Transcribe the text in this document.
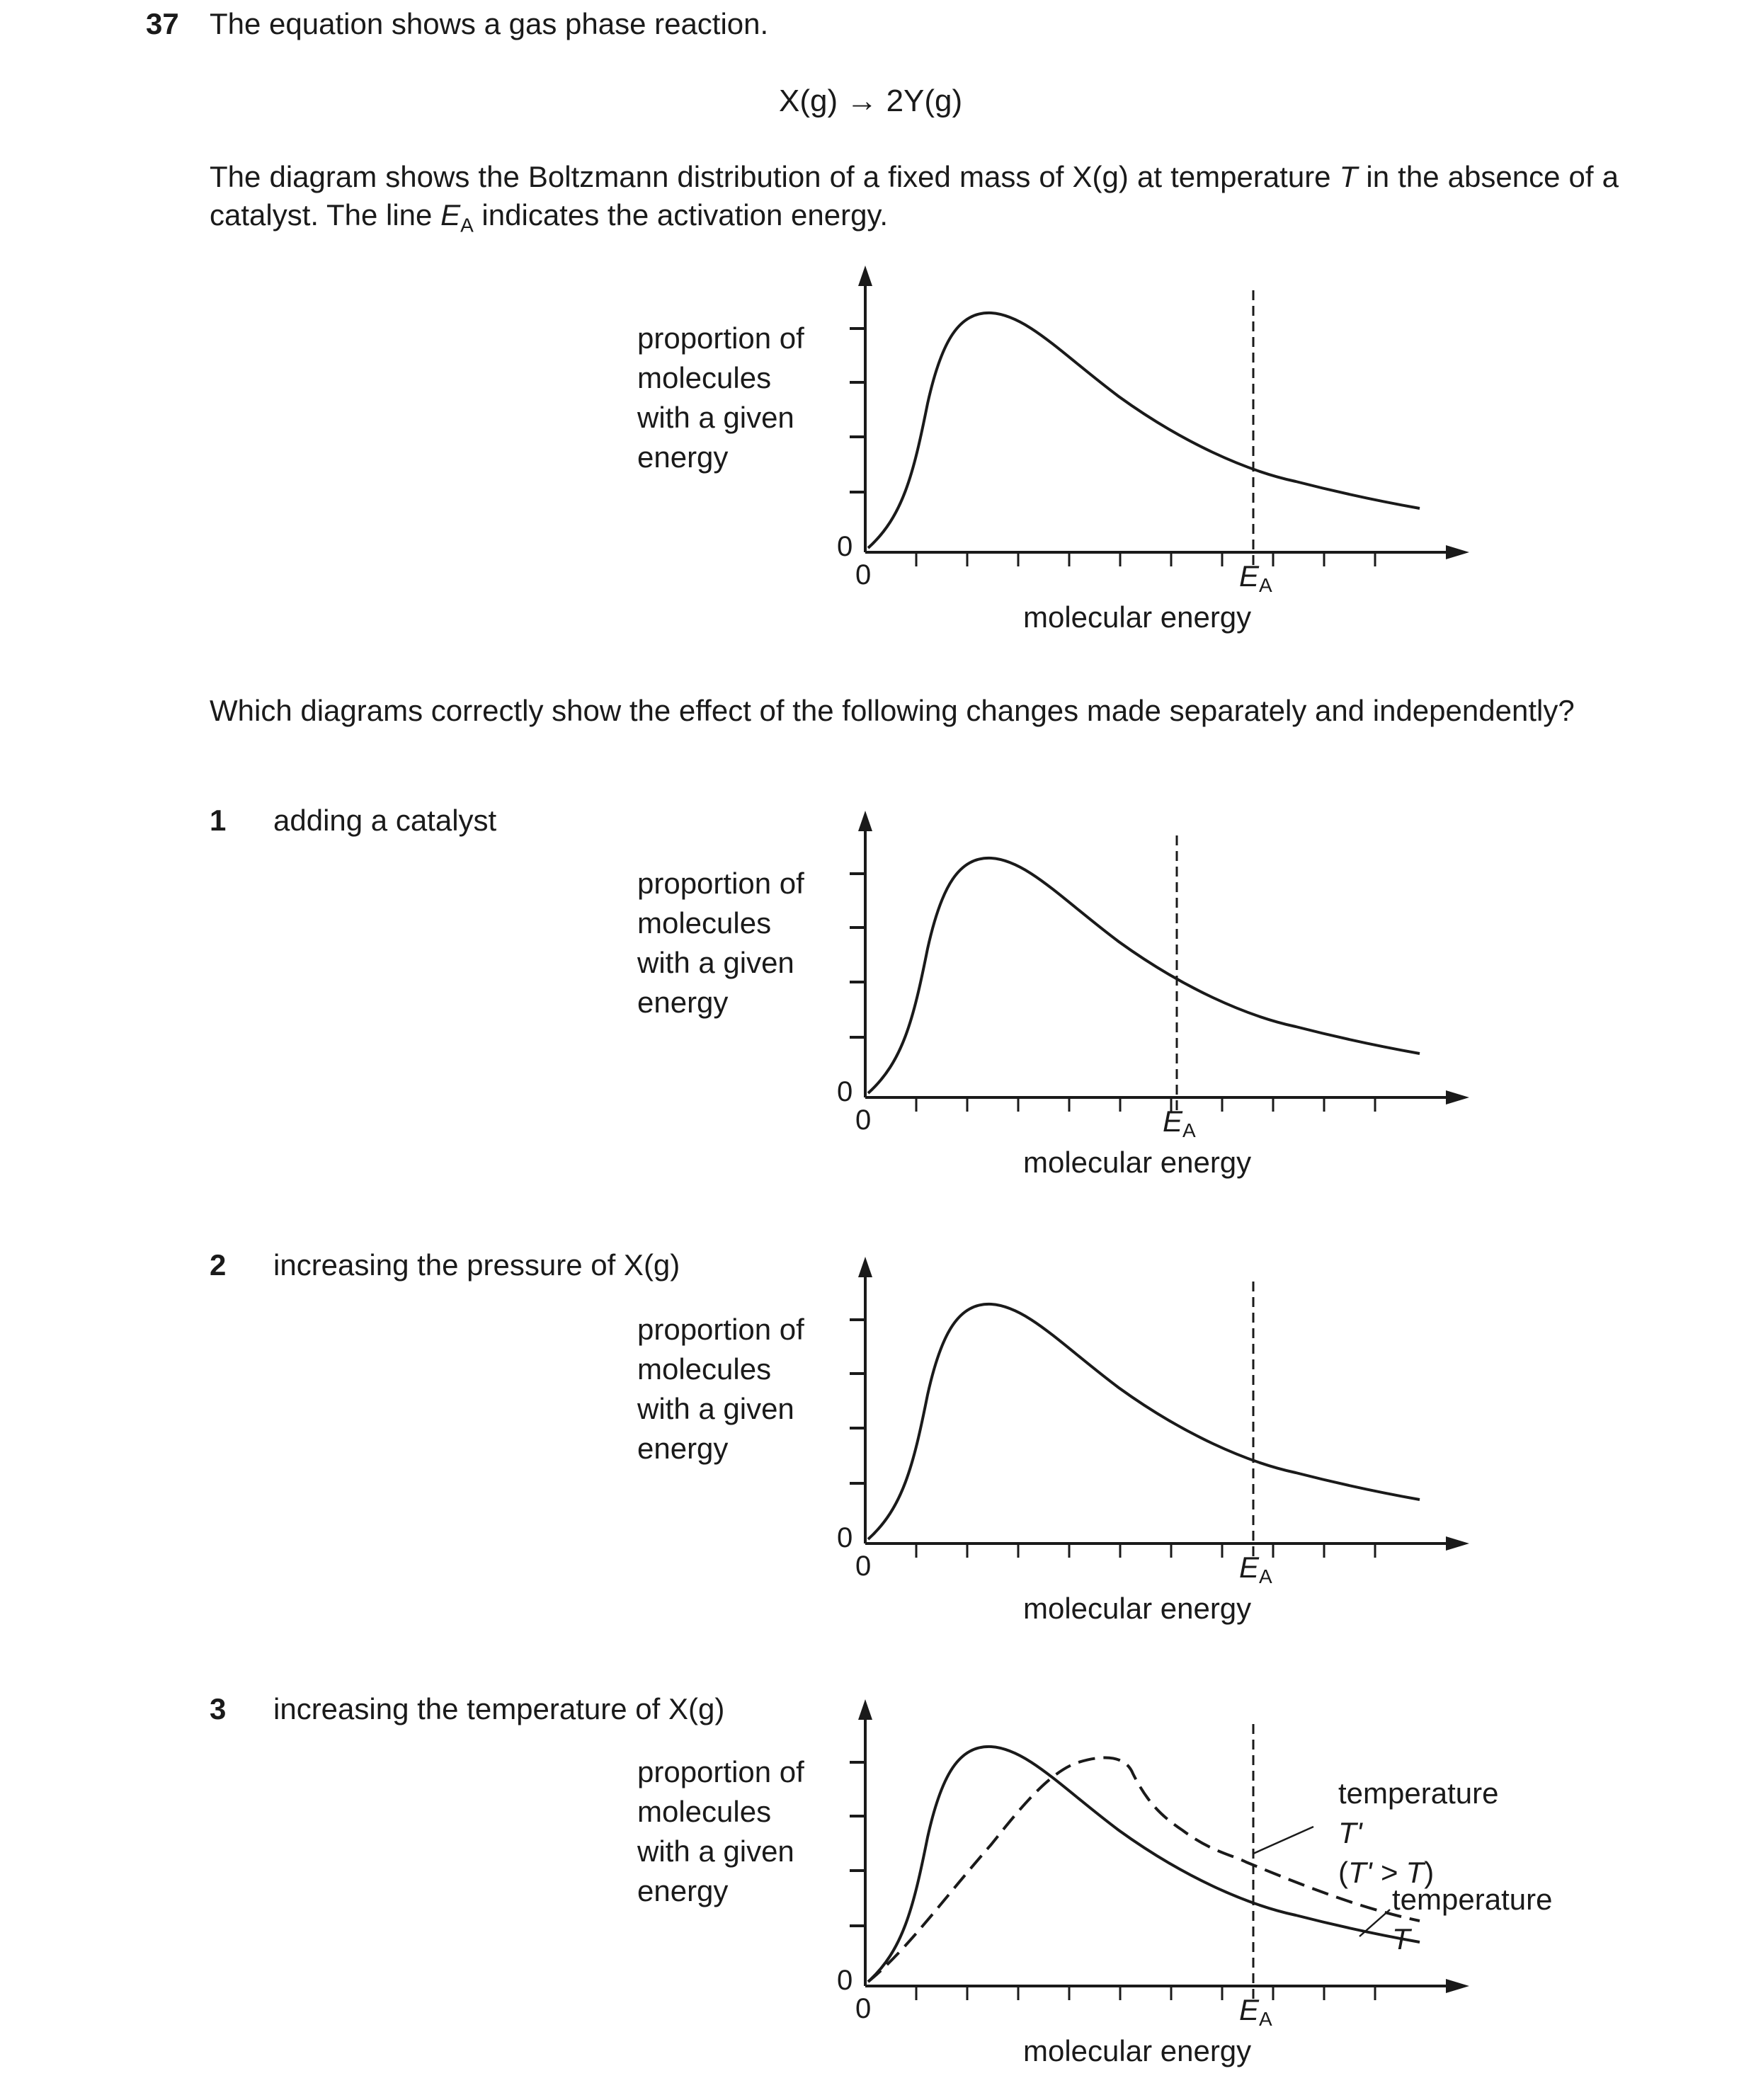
37 The equation shows a gas phase reaction.
X(g) → 2Y(g)
The diagram shows the Boltzmann distribution of a fixed mass of X(g) at temperature T in the absence of a catalyst. The line $E_A$ indicates the activation energy.
proportion of
molecules
with a given
energy
0
0	$E_A$
molecular energy
Which diagrams correctly show the effect of the following changes made separately and independently?
1 adding a catalyst
proportion of
molecules
with a given
energy
0
0	$E_A$
molecular energy
2 increasing the pressure of X(g)
proportion of
molecules
with a given
energy
0
0	$E_A$
molecular energy
3 increasing the temperature of X(g)
proportion of
molecules
with a given
energy
0
0	$E_A$
molecular energy
temperature T'
(T' > T)
temperature T
